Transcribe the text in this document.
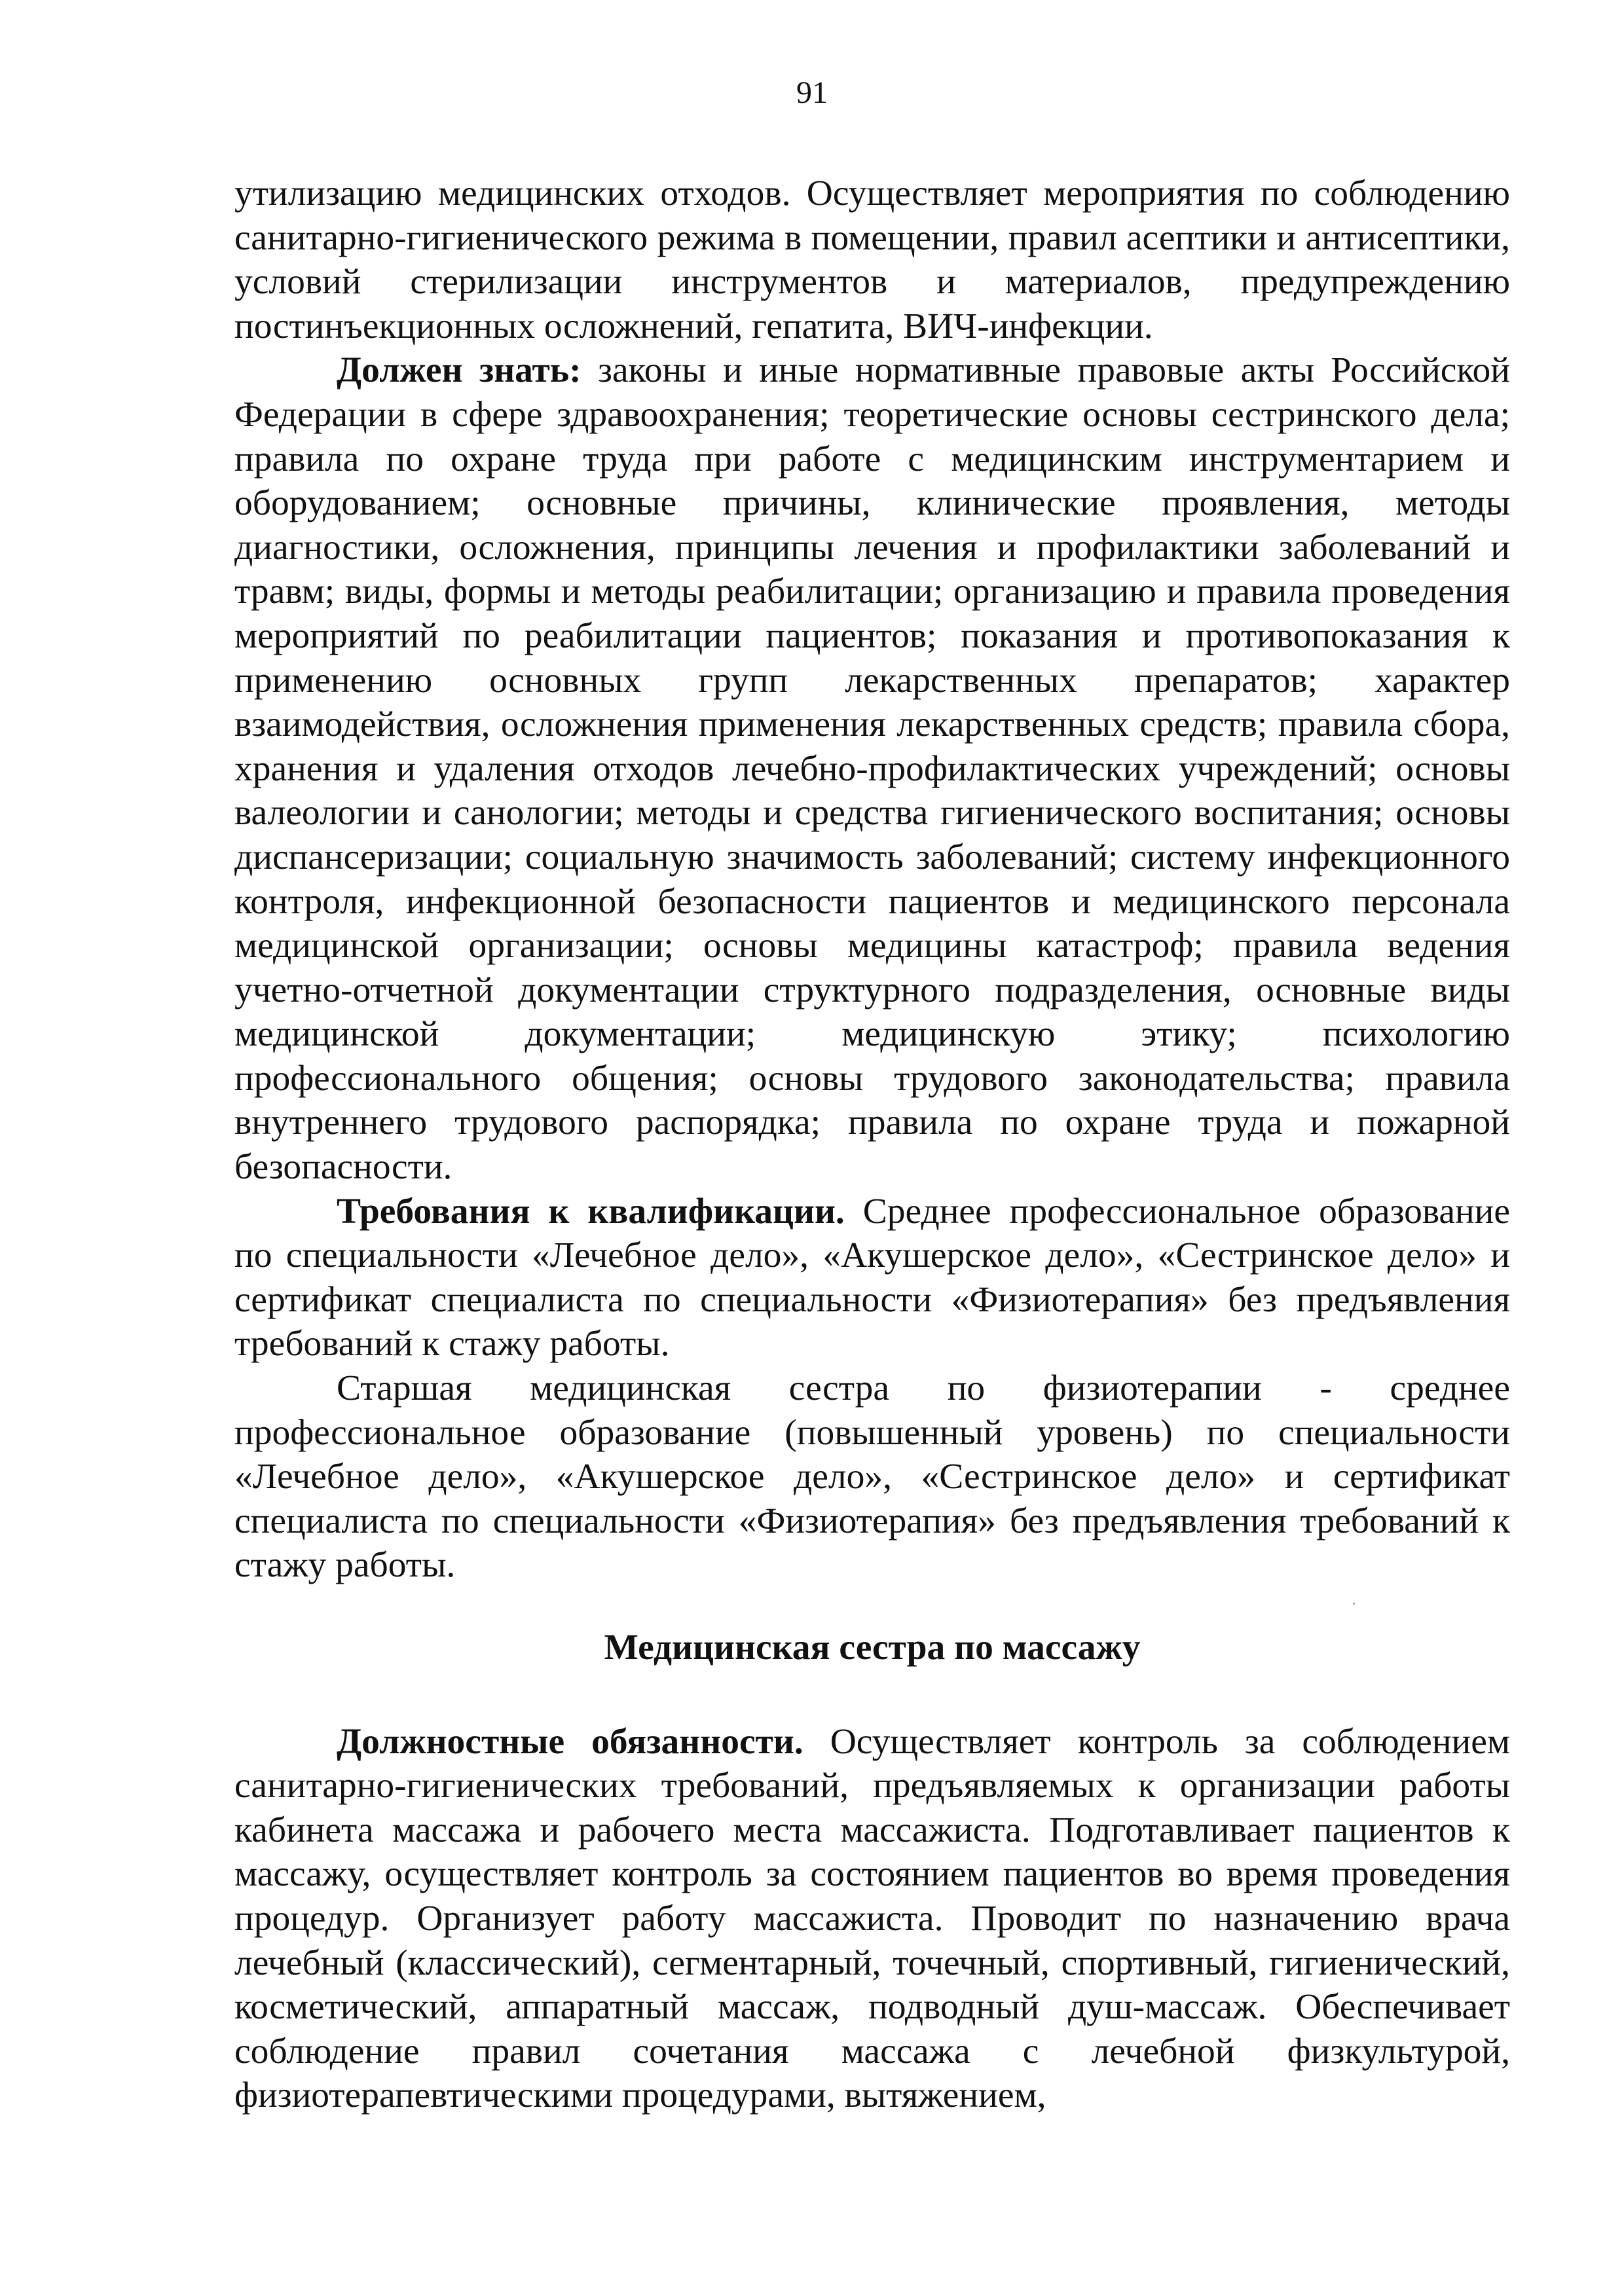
91

утилизацию медицинских отходов. Осуществляет мероприятия по соблюдению санитарно-гигиенического режима в помещении, правил асептики и антисептики, условий стерилизации инструментов и материалов, предупреждению постинъекционных осложнений, гепатита, ВИЧ-инфекции.

Должен знать: законы и иные нормативные правовые акты Российской Федерации в сфере здравоохранения; теоретические основы сестринского дела; правила по охране труда при работе с медицинским инструментарием и оборудованием; основные причины, клинические проявления, методы диагностики, осложнения, принципы лечения и профилактики заболеваний и травм; виды, формы и методы реабилитации; организацию и правила проведения мероприятий по реабилитации пациентов; показания и противопоказания к применению основных групп лекарственных препаратов; характер взаимодействия, осложнения применения лекарственных средств; правила сбора, хранения и удаления отходов лечебно-профилактических учреждений; основы валеологии и санологии; методы и средства гигиенического воспитания; основы диспансеризации; социальную значимость заболеваний; систему инфекционного контроля, инфекционной безопасности пациентов и медицинского персонала медицинской организации; основы медицины катастроф; правила ведения учетно-отчетной документации структурного подразделения, основные виды медицинской документации; медицинскую этику; психологию профессионального общения; основы трудового законодательства; правила внутреннего трудового распорядка; правила по охране труда и пожарной безопасности.

Требования к квалификации. Среднее профессиональное образование по специальности «Лечебное дело», «Акушерское дело», «Сестринское дело» и сертификат специалиста по специальности «Физиотерапия» без предъявления требований к стажу работы.

Старшая медицинская сестра по физиотерапии - среднее профессиональное образование (повышенный уровень) по специальности «Лечебное дело», «Акушерское дело», «Сестринское дело» и сертификат специалиста по специальности «Физиотерапия» без предъявления требований к стажу работы.

Медицинская сестра по массажу

Должностные обязанности. Осуществляет контроль за соблюдением санитарно-гигиенических требований, предъявляемых к организации работы кабинета массажа и рабочего места массажиста. Подготавливает пациентов к массажу, осуществляет контроль за состоянием пациентов во время проведения процедур. Организует работу массажиста. Проводит по назначению врача лечебный (классический), сегментарный, точечный, спортивный, гигиенический, косметический, аппаратный массаж, подводный душ-массаж. Обеспечивает соблюдение правил сочетания массажа с лечебной физкультурой, физиотерапевтическими процедурами, вытяжением,
